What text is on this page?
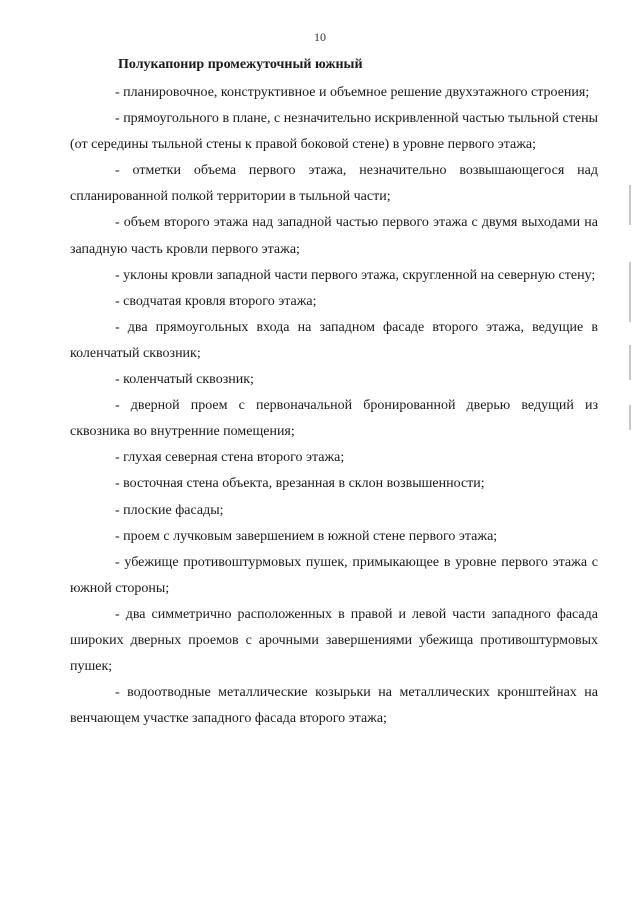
10
Полукапонир промежуточный южный

- планировочное, конструктивное и объемное решение двухэтажного строения;

- прямоугольного в плане, с незначительно искривленной частью тыльной стены (от середины тыльной стены к правой боковой стене) в уровне первого этажа;

- отметки объема первого этажа, незначительно возвышающегося над спланированной полкой территории в тыльной части;

- объем второго этажа над западной частью первого этажа с двумя выходами на западную часть кровли первого этажа;

- уклоны кровли западной части первого этажа, скругленной на северную стену;

- сводчатая кровля второго этажа;

- два прямоугольных входа на западном фасаде второго этажа, ведущие в коленчатый сквозник;

- коленчатый сквозник;

- дверной проем с первоначальной бронированной дверью ведущий из сквозника во внутренние помещения;

- глухая северная стена второго этажа;

- восточная стена объекта, врезанная в склон возвышенности;

- плоские фасады;

- проем с лучковым завершением в южной стене первого этажа;

- убежище противоштурмовых пушек, примыкающее в уровне первого этажа с южной стороны;

- два симметрично расположенных в правой и левой части западного фасада широких дверных проемов с арочными завершениями убежища противоштурмовых пушек;

- водоотводные металлические козырьки на металлических кронштейнах на венчающем участке западного фасада второго этажа;
